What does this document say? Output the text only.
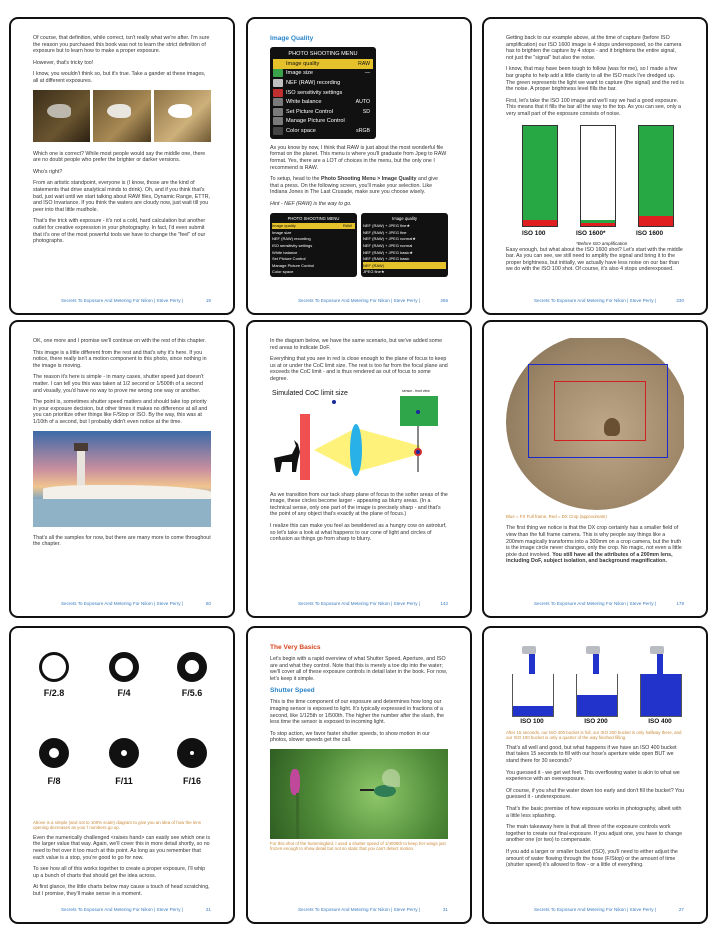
Of course, that definition, while correct, isn't really what we're after. I'm sure the reason you purchased this book was not to learn the strict definition of exposure but to learn how to make a proper exposure.

However, that's tricky too!

I know, you wouldn't think so, but it's true. Take a gander at these images, all at different exposures.

Which one is correct? While most people would say the middle one, there are no doubt people who prefer the brighter or darker versions.

Who's right?

From an artistic standpoint, everyone is (I know, those are the kind of statements that drive analytical minds to drink). Oh, and if you think that's bad, just wait until we start talking about RAW files, Dynamic Range, ETTR, and ISO Invariance. If you think the waters are cloudy now, just wait till you peer into that little mudhole.

That's the trick with exposure - it's not a cold, hard calculation but another outlet for creative expression in your photography. In fact, I'd even submit that it's one of the most powerful tools we have to change the "feel" of our photographs.

Secrets To Exposure And Metering For Nikon | Steve Perry |	19
Image Quality
PHOTO SHOOTING MENU
Image quality	RAW
Image size	—
NEF (RAW) recording
ISO sensitivity settings
White balance	AUTO
Set Picture Control	SD
Manage Picture Control
Color space	sRGB

As you know by now, I think that RAW is just about the most wonderful file format on the planet. This menu is where you'll graduate from Jpeg to RAW format. Yes, there are a LOT of choices in the menu, but the only one I recommend is RAW.

To setup, head to the Photo Shooting Menu > Image Quality and give that a press. On the following screen, you'll make your selection. Like Indiana Jones in The Last Crusade, make sure you choose wisely.

Hint - NEF (RAW) is the way to go.

PHOTO SHOOTING MENU
Image quality	RAW
Image size
NEF (RAW) recording
ISO sensitivity settings
White balance
Set Picture Control
Manage Picture Control
Color space
Image quality
NEF (RAW) + JPEG fine★
NEF (RAW) + JPEG fine
NEF (RAW) + JPEG normal★
NEF (RAW) + JPEG normal
NEF (RAW) + JPEG basic★
NEF (RAW) + JPEG basic
NEF (RAW)
JPEG fine★
Secrets To Exposure And Metering For Nikon | Steve Perry |	266

Getting back to our example above, at the time of capture (before ISO amplification) our ISO 1600 image is 4 stops underexposed, so the camera has to brighten the capture by 4 stops - and it brightens the entire signal, not just the "signal" but also the noise.

I know, that may have been tough to follow (was for me), so I made a few bar graphs to help add a little clarity to all the ISO muck I've dredged up. The green represents the light we want to capture (the signal) and the red is the noise. A proper brightness level fills the bar.

First, let's take the ISO 100 image and we'll say we had a good exposure. This means that it fills the bar all the way to the top. As you can see, only a very small part of the exposure consists of noise.

ISO 100	ISO 1600*	ISO 1600
*Before ISO amplification

Easy enough, but what about the ISO 1600 shot? Let's start with the middle bar. As you can see, we still need to amplify the signal and bring it to the proper brightness, but initially, we actually have less noise on our bar than we do with the ISO 100 shot. Of course, it's also 4 stops underexposed.

Secrets To Exposure And Metering For Nikon | Steve Perry |	230

OK, one more and I promise we'll continue on with the rest of this chapter.

This image is a little different from the rest and that's why it's here. If you notice, there really isn't a motion component to this photo, since nothing in the image is moving.

The reason it's here is simple - in many cases, shutter speed just doesn't matter. I can tell you this was taken at 1/2 second or 1/500th of a second and visually, you'd have no way to prove me wrong one way or another.

The point is, sometimes shutter speed matters and should take top priority in your exposure decision, but other times it makes no difference at all and you can prioritize other things like F/Stop or ISO. By the way, this was at 1/10th of a second, but I probably didn't even notice at the time.

That's all the samples for now, but there are many more to come throughout the chapter.

Secrets To Exposure And Metering For Nikon | Steve Perry |	60

In the diagram below, we have the same scenario, but we've added some red areas to indicate DoF.

Everything that you see in red is close enough to the plane of focus to keep us at or under the CoC limit size. The rest is too far from the focal plane and exceeds the CoC limit - and is thus rendered as out of focus to some degree.

Simulated CoC limit size	sensor - front view

As we transition from our tack sharp plane of focus to the softer areas of the image, these circles become larger - appearing as blurry areas. (In a technical sense, only one part of the image is precisely sharp - and that's the point of any object that's exactly at the plane of focus.)

I realize this can make you feel as bewildered as a hungry cow on astroturf, so let's take a look at what happens to our cone of light and circles of confusion as things go from sharp to blurry.

Secrets To Exposure And Metering For Nikon | Steve Perry |	142
Blue = FX Full frame, Red = DX Crop (approximate)

The first thing we notice is that the DX crop certainly has a smaller field of view than the full frame camera. This is why people say things like a 200mm magically transforms into a 300mm on a crop camera, but the truth is the image circle never changes, only the crop. No magic, not even a little pixie dust involved. You still have all the attributes of a 200mm lens, including DoF, subject isolation, and background magnification.

Secrets To Exposure And Metering For Nikon | Steve Perry |	178
F/2.8	F/4	F/5.6
F/8	F/11	F/16
Above is a simple (and not to 100% scale) diagram to give you an idea of how the lens opening decreases as your f numbers go up.

Even the numerically challenged <raises hand> can easily see which one is the larger value that way. Again, we'll cover this in more detail shortly, so no need to fret over it too much at this point. As long as you remember that each value is a stop, you're good to go for now.

To see how all of this works together to create a proper exposure, I'll whip up a bunch of charts that should get the idea across.

At first glance, the little charts below may cause a touch of head scratching, but I promise, they'll make sense in a moment.

Secrets To Exposure And Metering For Nikon | Steve Perry |	21
The Very Basics

Let's begin with a rapid overview of what Shutter Speed, Aperture, and ISO are and what they control. Note that this is merely a toe dip into the water; we'll cover all of these exposure controls in detail later in the book. For now, let's keep it simple.

Shutter Speed

This is the time component of our exposure and determines how long our imaging sensor is exposed to light. It's typically expressed in fractions of a second, like 1/125th or 1/500th. The higher the number after the slash, the less time the sensor is exposed to incoming light.

To stop action, we favor faster shutter speeds, to show motion in our photos, slower speeds get the call.

For this shot of the hummingbird, I used a shutter speed of 1/4000th to keep her wings just frozen enough to show detail but not so static that you can't detect motion.
Secrets To Exposure And Metering For Nikon | Steve Perry |	31
ISO 100	ISO 200	ISO 400
After 15 seconds, our ISO 400 bucket is full, our ISO 200 bucket is only halfway there, and our ISO 100 bucket is only a quarter of the way finished filling.

That's all well and good, but what happens if we have an ISO 400 bucket that takes 15 seconds to fill with our hose's aperture wide open BUT we stand there for 30 seconds?

You guessed it - we get wet feet. This overflowing water is akin to what we experience with an overexposure.

Of course, if you shut the water down too early and don't fill the bucket? You guessed it - underexposure.

That's the basic premise of how exposure works in photography, albeit with a little less splashing.

The main takeaway here is that all three of the exposure controls work together to create our final exposure. If you adjust one, you have to change another one (or two) to compensate.

If you add a larger or smaller bucket (ISO), you'll need to either adjust the amount of water flowing through the hose (F/Stop) or the amount of time (shutter speed) it's allowed to flow - or a little of everything.

Secrets To Exposure And Metering For Nikon | Steve Perry |	27
